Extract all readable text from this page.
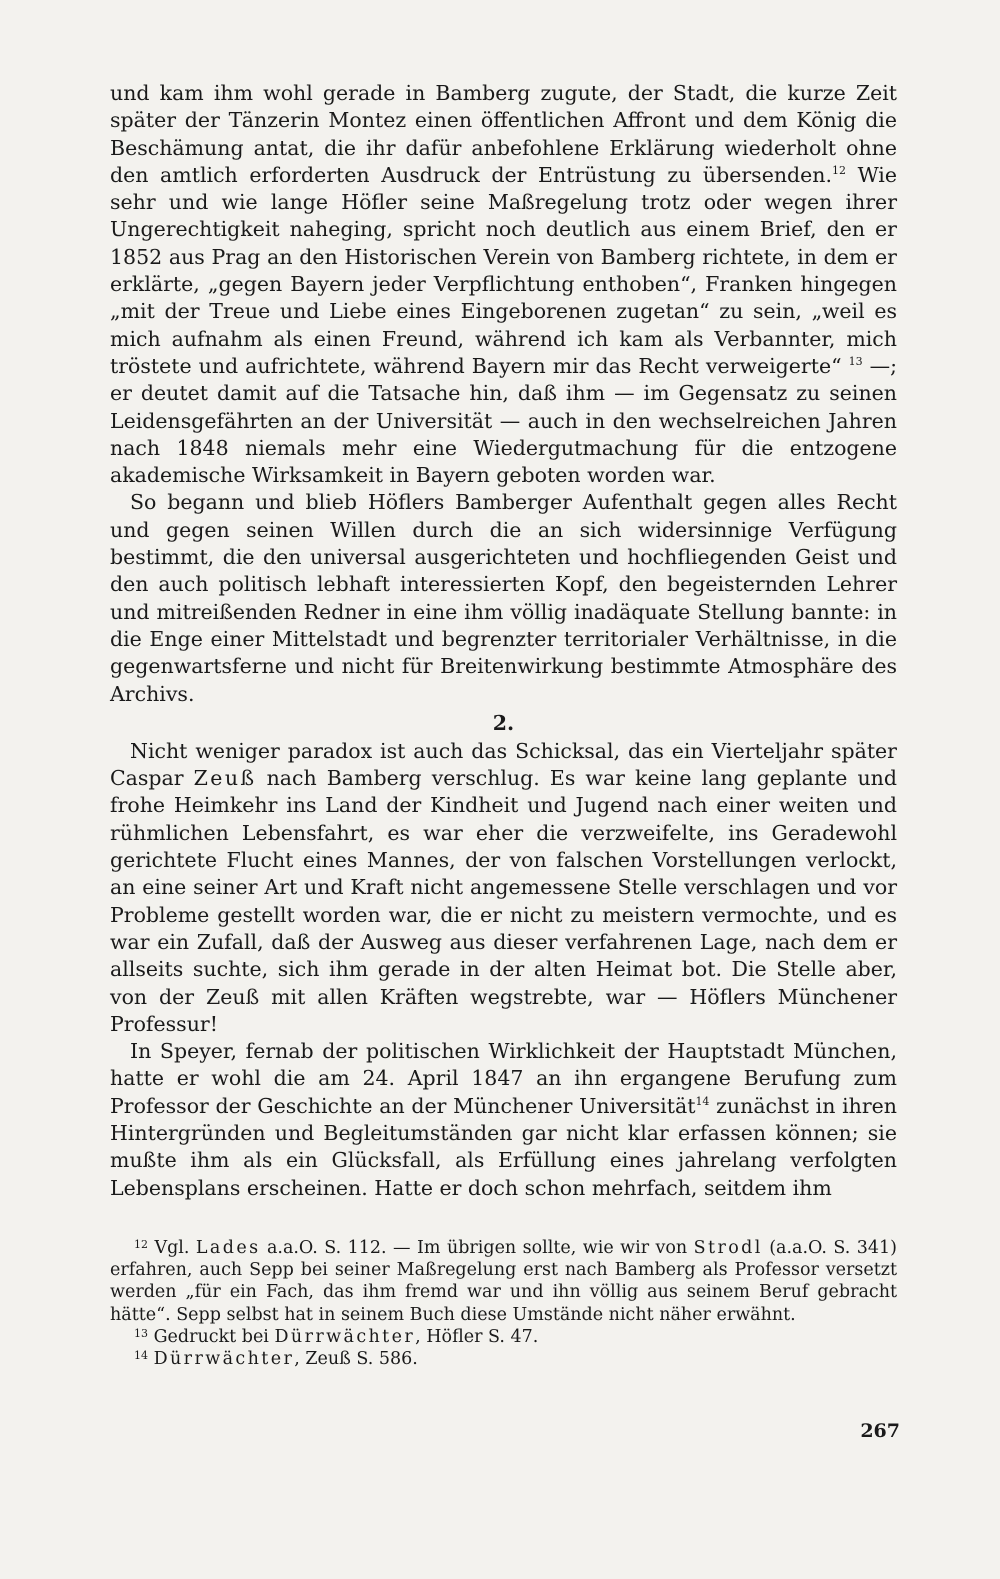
und kam ihm wohl gerade in Bamberg zugute, der Stadt, die kurze Zeit später der Tänzerin Montez einen öffentlichen Affront und dem König die Beschämung antat, die ihr dafür anbefohlene Erklärung wiederholt ohne den amtlich erforderten Ausdruck der Entrüstung zu übersenden.$^{12}$ Wie sehr und wie lange Höfler seine Maßregelung trotz oder wegen ihrer Ungerechtigkeit naheging, spricht noch deutlich aus einem Brief, den er 1852 aus Prag an den Historischen Verein von Bamberg richtete, in dem er erklärte, „gegen Bayern jeder Verpflichtung enthoben“, Franken hingegen „mit der Treue und Liebe eines Eingeborenen zugetan“ zu sein, „weil es mich aufnahm als einen Freund, während ich kam als Verbannter, mich tröstete und aufrichtete, während Bayern mir das Recht verweigerte“ $^{13}$ —; er deutet damit auf die Tatsache hin, daß ihm — im Gegensatz zu seinen Leidensgefährten an der Universität — auch in den wechselreichen Jahren nach 1848 niemals mehr eine Wiedergutmachung für die entzogene akademische Wirksamkeit in Bayern geboten worden war.

So begann und blieb Höflers Bamberger Aufenthalt gegen alles Recht und gegen seinen Willen durch die an sich widersinnige Verfügung bestimmt, die den universal ausgerichteten und hochfliegenden Geist und den auch politisch lebhaft interessierten Kopf, den begeisternden Lehrer und mitreißenden Redner in eine ihm völlig inadäquate Stellung bannte: in die Enge einer Mittelstadt und begrenzter territorialer Verhältnisse, in die gegenwartsferne und nicht für Breitenwirkung bestimmte Atmosphäre des Archivs.

2.

Nicht weniger paradox ist auch das Schicksal, das ein Vierteljahr später Caspar Zeuß nach Bamberg verschlug. Es war keine lang geplante und frohe Heimkehr ins Land der Kindheit und Jugend nach einer weiten und rühmlichen Lebensfahrt, es war eher die verzweifelte, ins Geradewohl gerichtete Flucht eines Mannes, der von falschen Vorstellungen verlockt, an eine seiner Art und Kraft nicht angemessene Stelle verschlagen und vor Probleme gestellt worden war, die er nicht zu meistern vermochte, und es war ein Zufall, daß der Ausweg aus dieser verfahrenen Lage, nach dem er allseits suchte, sich ihm gerade in der alten Heimat bot. Die Stelle aber, von der Zeuß mit allen Kräften wegstrebte, war — Höflers Münchener Professur!

In Speyer, fernab der politischen Wirklichkeit der Hauptstadt München, hatte er wohl die am 24. April 1847 an ihn ergangene Berufung zum Professor der Geschichte an der Münchener Universität$^{14}$ zunächst in ihren Hintergründen und Begleitumständen gar nicht klar erfassen können; sie mußte ihm als ein Glücksfall, als Erfüllung eines jahrelang verfolgten Lebensplans erscheinen. Hatte er doch schon mehrfach, seitdem ihm

$^{12}$ Vgl. Lades a.a.O. S. 112. — Im übrigen sollte, wie wir von Strodl (a.a.O. S. 341) erfahren, auch Sepp bei seiner Maßregelung erst nach Bamberg als Professor versetzt werden „für ein Fach, das ihm fremd war und ihn völlig aus seinem Beruf gebracht hätte“. Sepp selbst hat in seinem Buch diese Umstände nicht näher erwähnt.

$^{13}$ Gedruckt bei Dürrwächter, Höfler S. 47.

$^{14}$ Dürrwächter, Zeuß S. 586.

267
